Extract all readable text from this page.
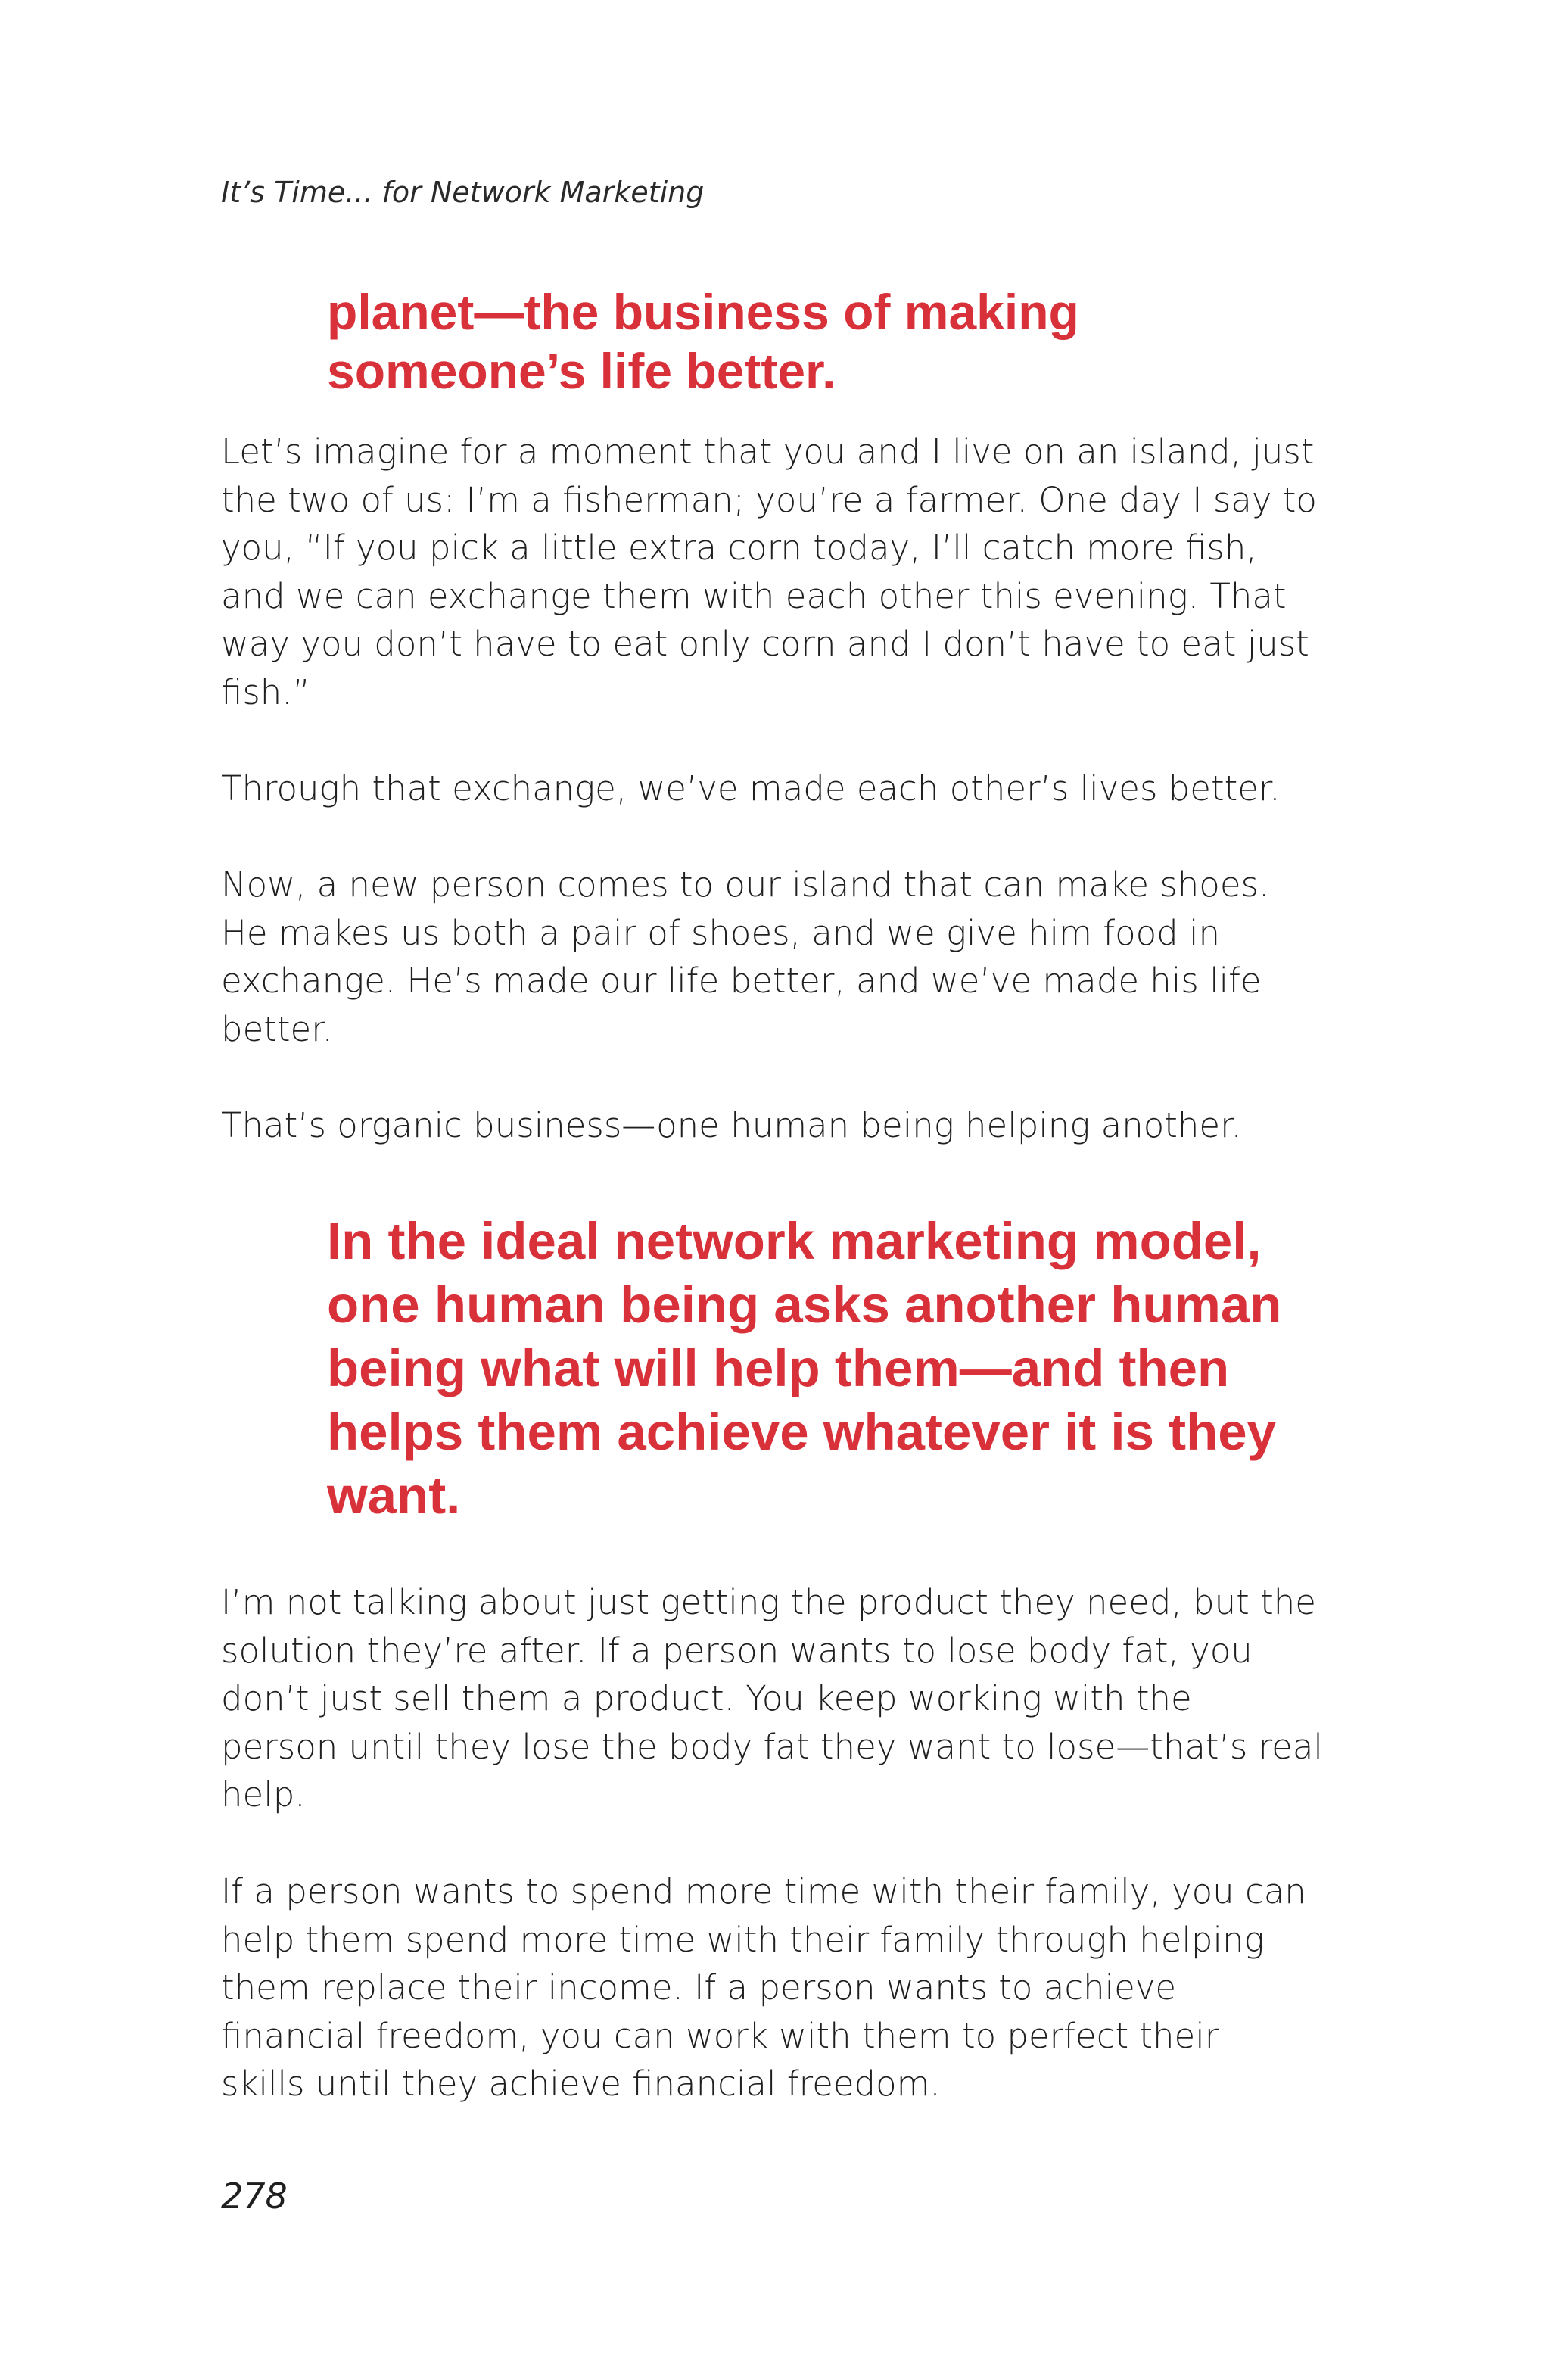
It’s Time... for Network Marketing
planet—the business of making
someone’s life better.
Let’s imagine for a moment that you and I live on an island, just
the two of us: I’m a fisherman; you’re a farmer. One day I say to
you, “If you pick a little extra corn today, I’ll catch more fish,
and we can exchange them with each other this evening. That
way you don’t have to eat only corn and I don’t have to eat just
fish.”
Through that exchange, we’ve made each other’s lives better.
Now, a new person comes to our island that can make shoes.
He makes us both a pair of shoes, and we give him food in
exchange. He’s made our life better, and we’ve made his life
better.
That’s organic business—one human being helping another.
In the ideal network marketing model,
one human being asks another human
being what will help them—and then
helps them achieve whatever it is they
want.
I’m not talking about just getting the product they need, but the
solution they’re after. If a person wants to lose body fat, you
don’t just sell them a product. You keep working with the
person until they lose the body fat they want to lose—that’s real
help.
If a person wants to spend more time with their family, you can
help them spend more time with their family through helping
them replace their income. If a person wants to achieve
financial freedom, you can work with them to perfect their
skills until they achieve financial freedom.
278
